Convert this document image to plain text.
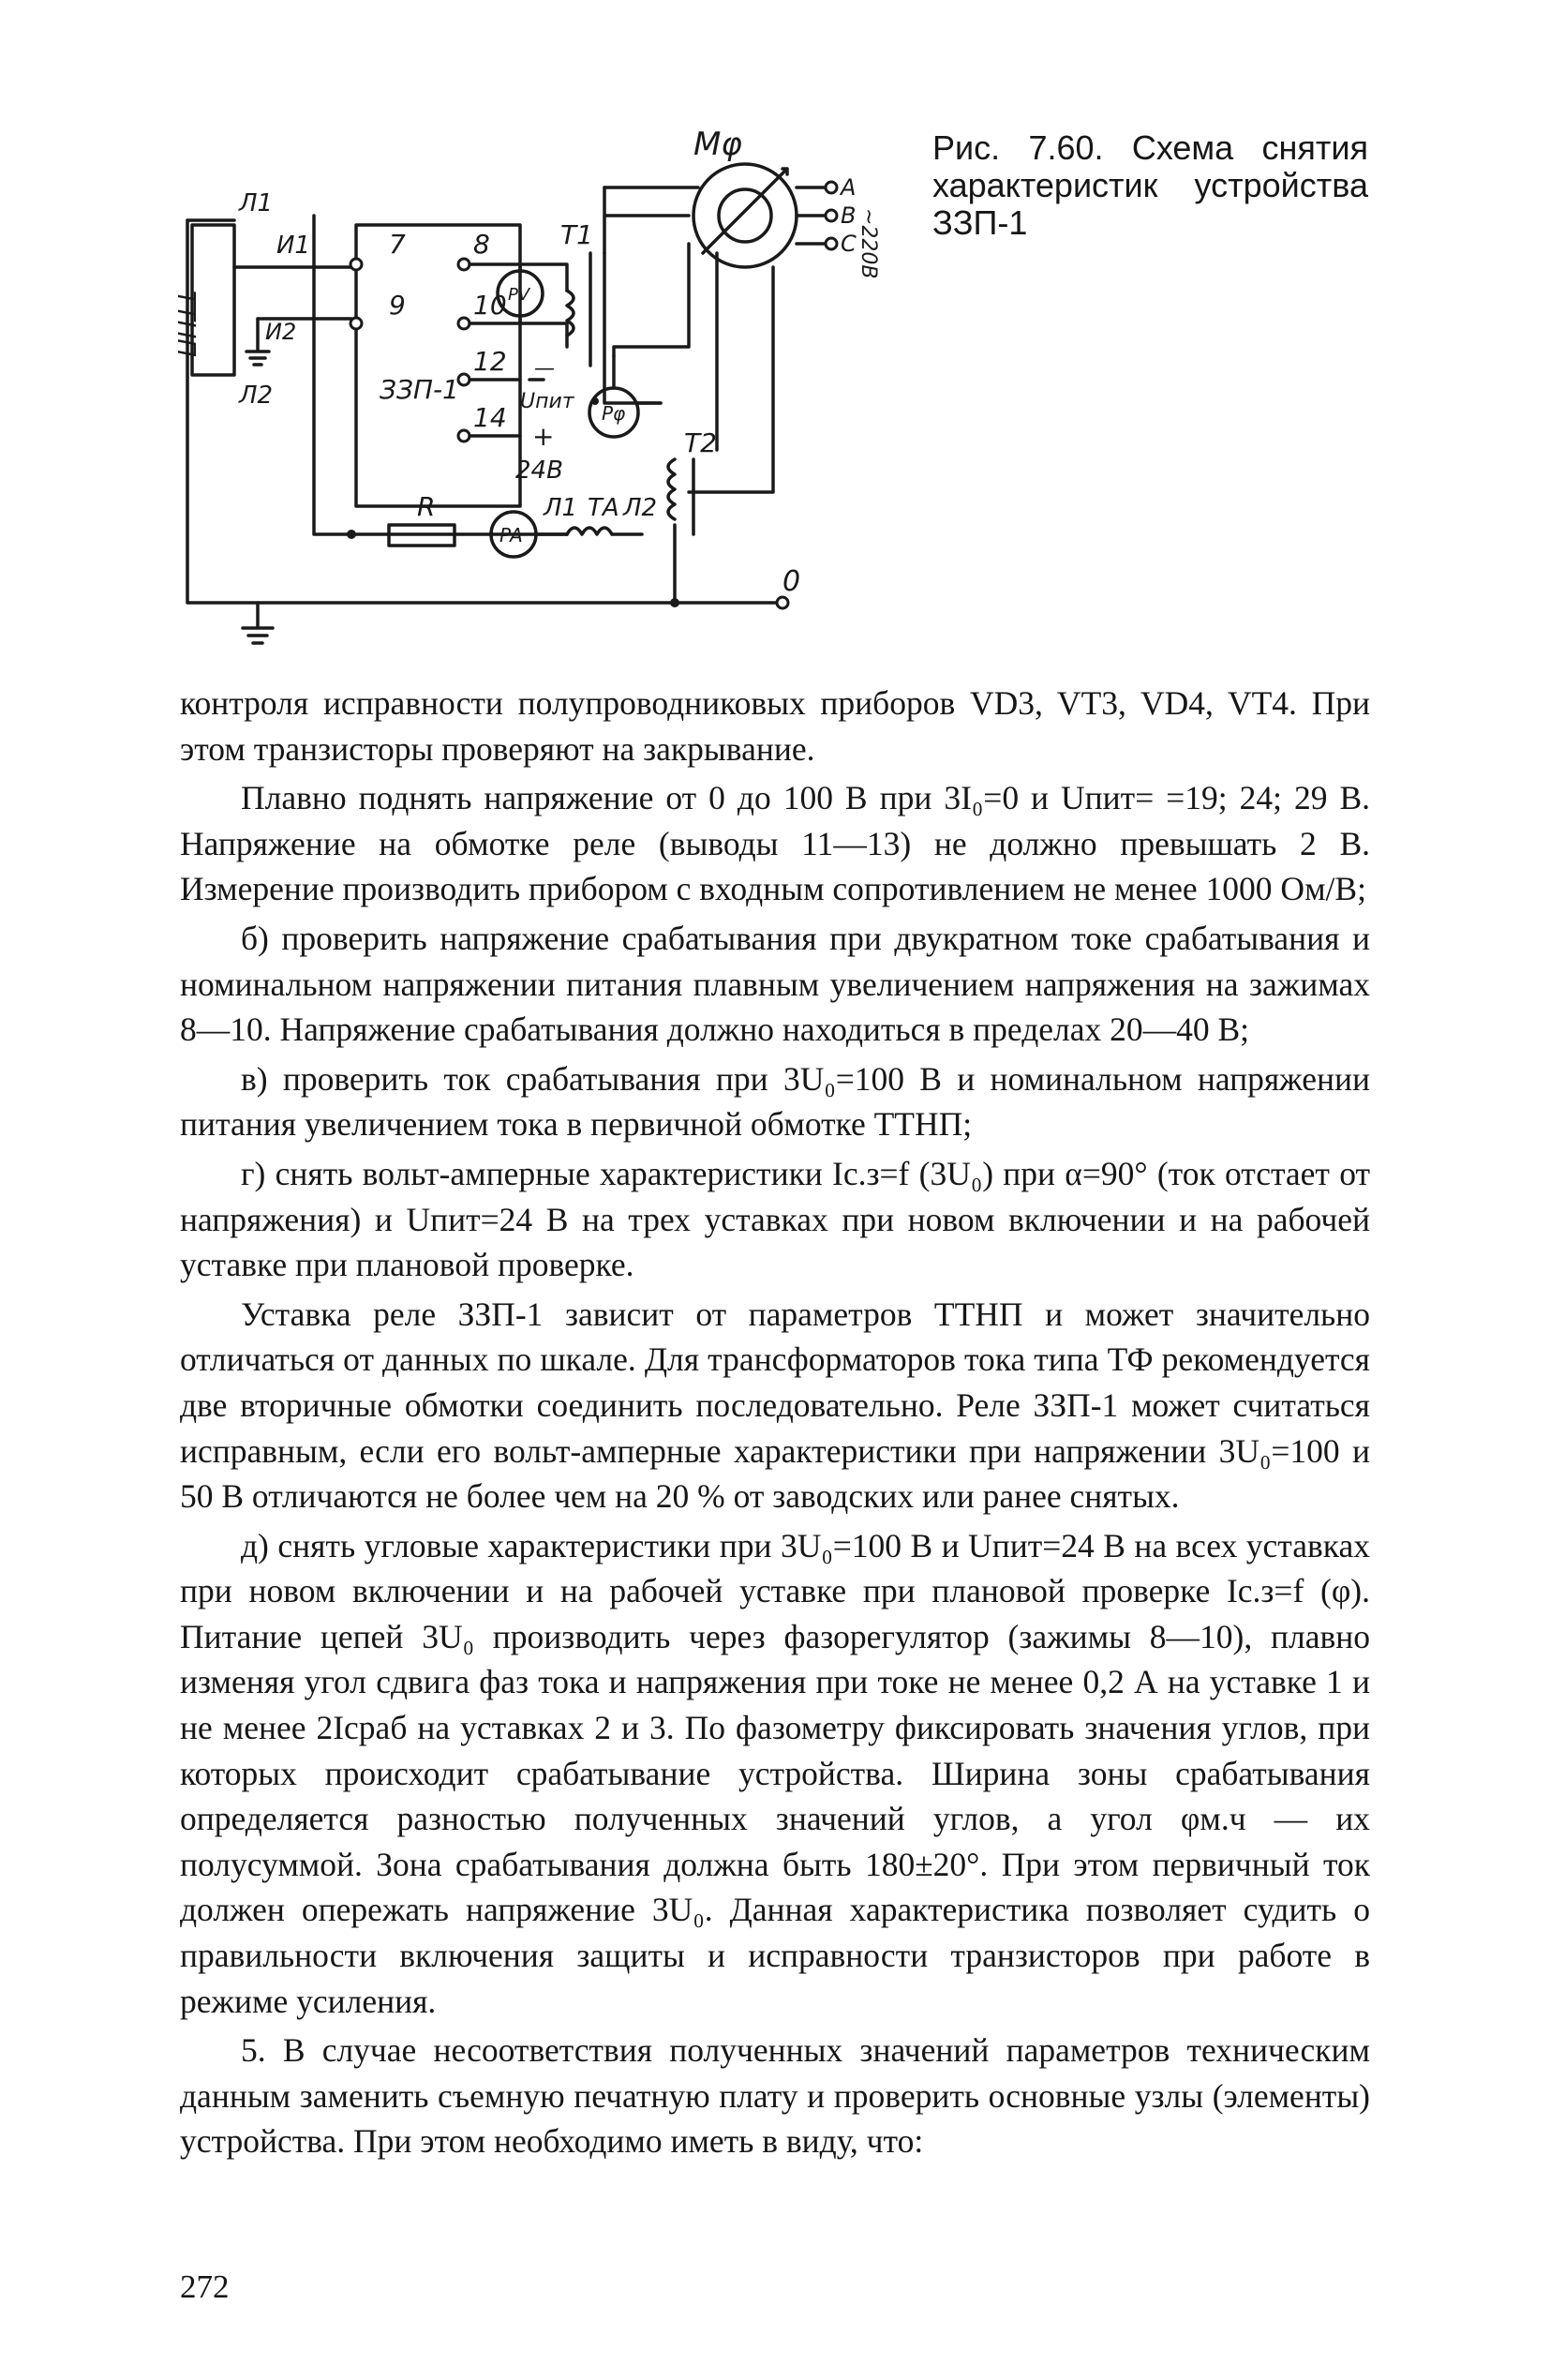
Мφ
А
В
С ~220В
Т1
ТТНП
Л1
Л2
И1
И2
7
9
8
10
12
14
ЗЗП-1
PV
Pφ
PA
Uпит
—
+
24В
R	Л1 ТА Л2
Т2
0
Рис. 7.60. Схема снятия характеристик устройства ЗЗП-1

контроля исправности полупроводниковых приборов VD3, VT3, VD4, VT4. При этом транзисторы проверяют на закрывание.

Плавно поднять напряжение от 0 до 100 В при 3I₀=0 и Uпит= =19; 24; 29 В. Напряжение на обмотке реле (выводы 11—13) не должно превышать 2 В. Измерение производить прибором с входным сопротивлением не менее 1000 Ом/В;

б) проверить напряжение срабатывания при двукратном токе срабатывания и номинальном напряжении питания плавным увеличением напряжения на зажимах 8—10. Напряжение срабатывания должно находиться в пределах 20—40 В;

в) проверить ток срабатывания при 3U₀=100 В и номинальном напряжении питания увеличением тока в первичной обмотке ТТНП;

г) снять вольт-амперные характеристики Iс.з=f (3U₀) при α=90° (ток отстает от напряжения) и Uпит=24 В на трех уставках при новом включении и на рабочей уставке при плановой проверке.

Уставка реле ЗЗП-1 зависит от параметров ТТНП и может значительно отличаться от данных по шкале. Для трансформаторов тока типа ТФ рекомендуется две вторичные обмотки соединить последовательно. Реле ЗЗП-1 может считаться исправным, если его вольт-амперные характеристики при напряжении 3U₀=100 и 50 В отличаются не более чем на 20 % от заводских или ранее снятых.

д) снять угловые характеристики при 3U₀=100 В и Uпит=24 В на всех уставках при новом включении и на рабочей уставке при плановой проверке Iс.з=f (φ). Питание цепей 3U₀ производить через фазорегулятор (зажимы 8—10), плавно изменяя угол сдвига фаз тока и напряжения при токе не менее 0,2 А на уставке 1 и не менее 2Iсраб на уставках 2 и 3. По фазометру фиксировать значения углов, при которых происходит срабатывание устройства. Ширина зоны срабатывания определяется разностью полученных значений углов, а угол φм.ч — их полусуммой. Зона срабатывания должна быть 180±20°. При этом первичный ток должен опережать напряжение 3U₀. Данная характеристика позволяет судить о правильности включения защиты и исправности транзисторов при работе в режиме усиления.

5. В случае несоответствия полученных значений параметров техническим данным заменить съемную печатную плату и проверить основные узлы (элементы) устройства. При этом необходимо иметь в виду, что:

272
